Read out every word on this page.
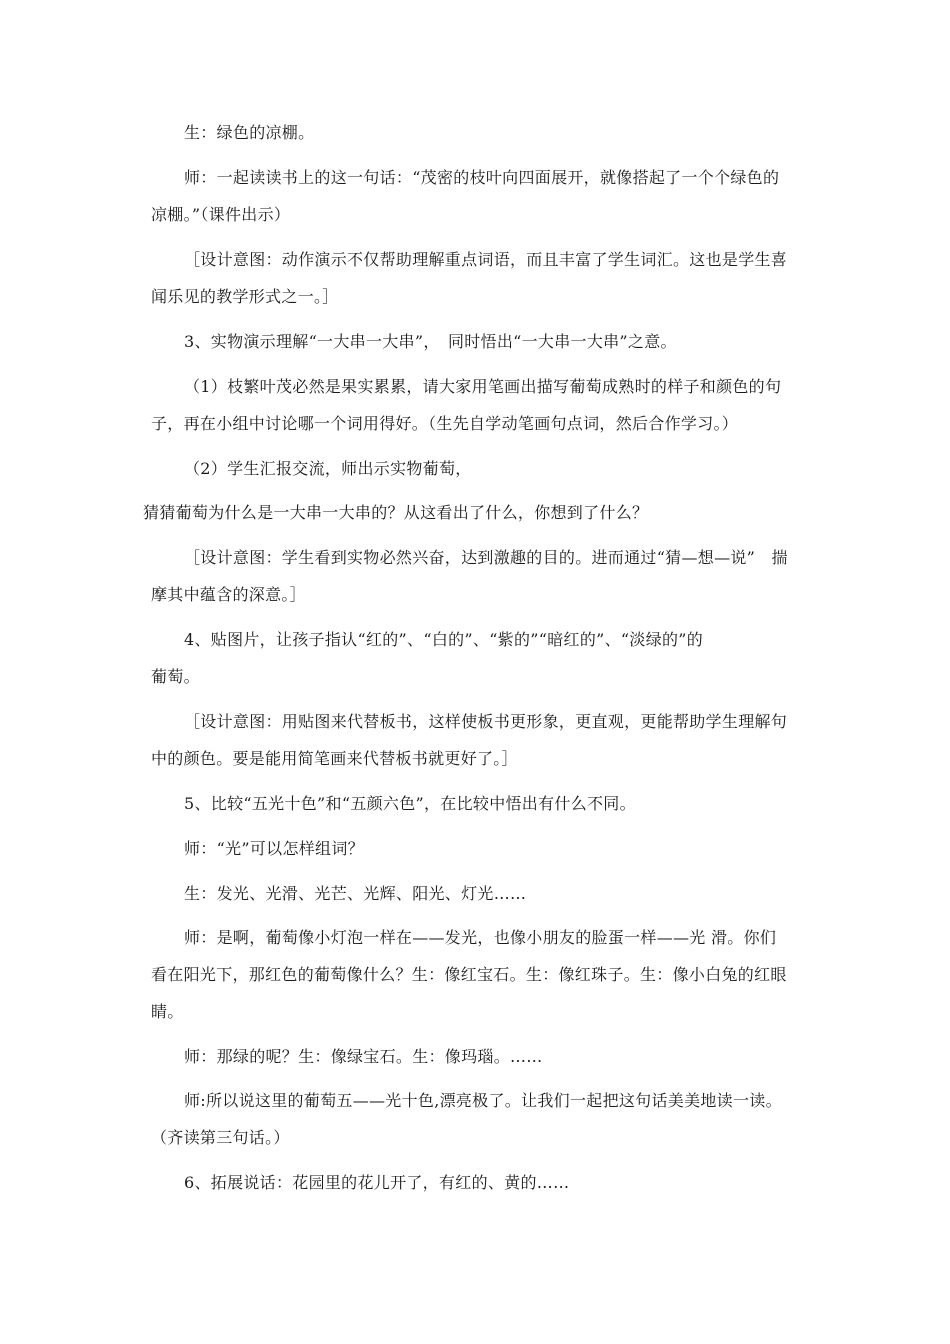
生：绿色的凉棚。
师：一起读读书上的这一句话：“茂密的枝叶向四面展开，就像搭起了一个个绿色的
凉棚。”（课件出示）
［设计意图：动作演示不仅帮助理解重点词语，而且丰富了学生词汇。这也是学生喜
闻乐见的教学形式之一。］
3、实物演示理解“一大串一大串”，　同时悟出“一大串一大串”之意。
（1）枝繁叶茂必然是果实累累，请大家用笔画出描写葡萄成熟时的样子和颜色的句
子，再在小组中讨论哪一个词用得好。（生先自学动笔画句点词，然后合作学习。）
（2）学生汇报交流，师出示实物葡萄，
猜猜葡萄为什么是一大串一大串的？从这看出了什么，你想到了什么？
［设计意图：学生看到实物必然兴奋，达到激趣的目的。进而通过“猜—想—说”　揣
摩其中蕴含的深意。］
4、贴图片，让孩子指认“红的”、“白的”、“紫的”“暗红的”、“淡绿的”的
葡萄。
［设计意图：用贴图来代替板书，这样使板书更形象，更直观，更能帮助学生理解句
中的颜色。要是能用简笔画来代替板书就更好了。］
5、比较“五光十色”和“五颜六色”，在比较中悟出有什么不同。
师：“光”可以怎样组词？
生：发光、光滑、光芒、光辉、阳光、灯光……
师：是啊，葡萄像小灯泡一样在——发光，也像小朋友的脸蛋一样——光 滑。你们
看在阳光下，那红色的葡萄像什么？生：像红宝石。生：像红珠子。生：像小白兔的红眼
睛。
师：那绿的呢？生：像绿宝石。生：像玛瑙。……
师:所以说这里的葡萄五——光十色,漂亮极了。让我们一起把这句话美美地读一读。
（齐读第三句话。）
6、拓展说话：花园里的花儿开了，有红的、黄的……
